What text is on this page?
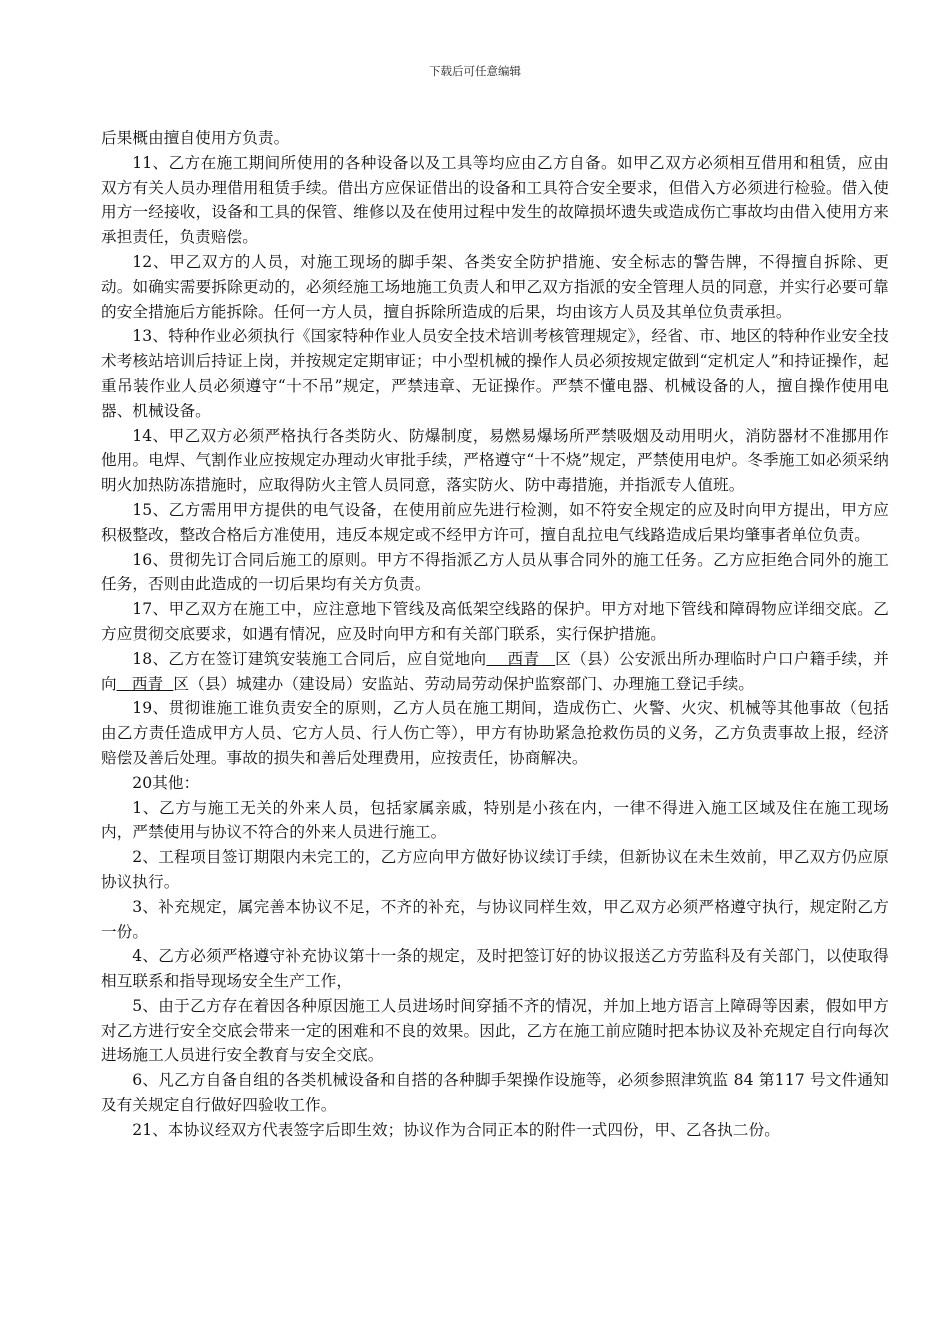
下载后可任意编辑

后果概由擅自使用方负责。

11、乙方在施工期间所使用的各种设备以及工具等均应由乙方自备。如甲乙双方必须相互借用和租赁，应由双方有关人员办理借用租赁手续。借出方应保证借出的设备和工具符合安全要求，但借入方必须进行检验。借入使用方一经接收，设备和工具的保管、维修以及在使用过程中发生的故障损坏遗失或造成伤亡事故均由借入使用方来承担责任，负责赔偿。

12、甲乙双方的人员，对施工现场的脚手架、各类安全防护措施、安全标志的警告牌，不得擅自拆除、更动。如确实需要拆除更动的，必须经施工场地施工负责人和甲乙双方指派的安全管理人员的同意，并实行必要可靠的安全措施后方能拆除。任何一方人员，擅自拆除所造成的后果，均由该方人员及其单位负责承担。

13、特种作业必须执行《国家特种作业人员安全技术培训考核管理规定》，经省、市、地区的特种作业安全技术考核站培训后持证上岗，并按规定定期审证；中小型机械的操作人员必须按规定做到“定机定人”和持证操作，起重吊装作业人员必须遵守“十不吊”规定，严禁违章、无证操作。严禁不懂电器、机械设备的人，擅自操作使用电器、机械设备。

14、甲乙双方必须严格执行各类防火、防爆制度，易燃易爆场所严禁吸烟及动用明火，消防器材不准挪用作他用。电焊、气割作业应按规定办理动火审批手续，严格遵守“十不烧”规定，严禁使用电炉。冬季施工如必须采纳明火加热防冻措施时，应取得防火主管人员同意，落实防火、防中毒措施，并指派专人值班。

15、乙方需用甲方提供的电气设备，在使用前应先进行检测，如不符安全规定的应及时向甲方提出，甲方应积极整改，整改合格后方准使用，违反本规定或不经甲方许可，擅自乱拉电气线路造成后果均肇事者单位负责。

16、贯彻先订合同后施工的原则。甲方不得指派乙方人员从事合同外的施工任务。乙方应拒绝合同外的施工任务，否则由此造成的一切后果均有关方负责。

17、甲乙双方在施工中，应注意地下管线及高低架空线路的保护。甲方对地下管线和障碍物应详细交底。乙方应贯彻交底要求，如遇有情况，应及时向甲方和有关部门联系，实行保护措施。

18、乙方在签订建筑安装施工合同后，应自觉地向 西青 区（县）公安派出所办理临时户口户籍手续，并向 西青 区（县）城建办（建设局）安监站、劳动局劳动保护监察部门、办理施工登记手续。

19、贯彻谁施工谁负责安全的原则，乙方人员在施工期间，造成伤亡、火警、火灾、机械等其他事故（包括由乙方责任造成甲方人员、它方人员、行人伤亡等），甲方有协助紧急抢救伤员的义务，乙方负责事故上报，经济赔偿及善后处理。事故的损失和善后处理费用，应按责任，协商解决。

20其他：

1、乙方与施工无关的外来人员，包括家属亲戚，特别是小孩在内，一律不得进入施工区域及住在施工现场内，严禁使用与协议不符合的外来人员进行施工。

2、工程项目签订期限内未完工的，乙方应向甲方做好协议续订手续，但新协议在未生效前，甲乙双方仍应原协议执行。

3、补充规定，属完善本协议不足，不齐的补充，与协议同样生效，甲乙双方必须严格遵守执行，规定附乙方一份。

4、乙方必须严格遵守补充协议第十一条的规定，及时把签订好的协议报送乙方劳监科及有关部门，以使取得相互联系和指导现场安全生产工作，

5、由于乙方存在着因各种原因施工人员进场时间穿插不齐的情况，并加上地方语言上障碍等因素，假如甲方对乙方进行安全交底会带来一定的困难和不良的效果。因此，乙方在施工前应随时把本协议及补充规定自行向每次进场施工人员进行安全教育与安全交底。

6、凡乙方自备自组的各类机械设备和自搭的各种脚手架操作设施等，必须参照津筑监 84 第117 号文件通知及有关规定自行做好四验收工作。

21、本协议经双方代表签字后即生效；协议作为合同正本的附件一式四份，甲、乙各执二份。
